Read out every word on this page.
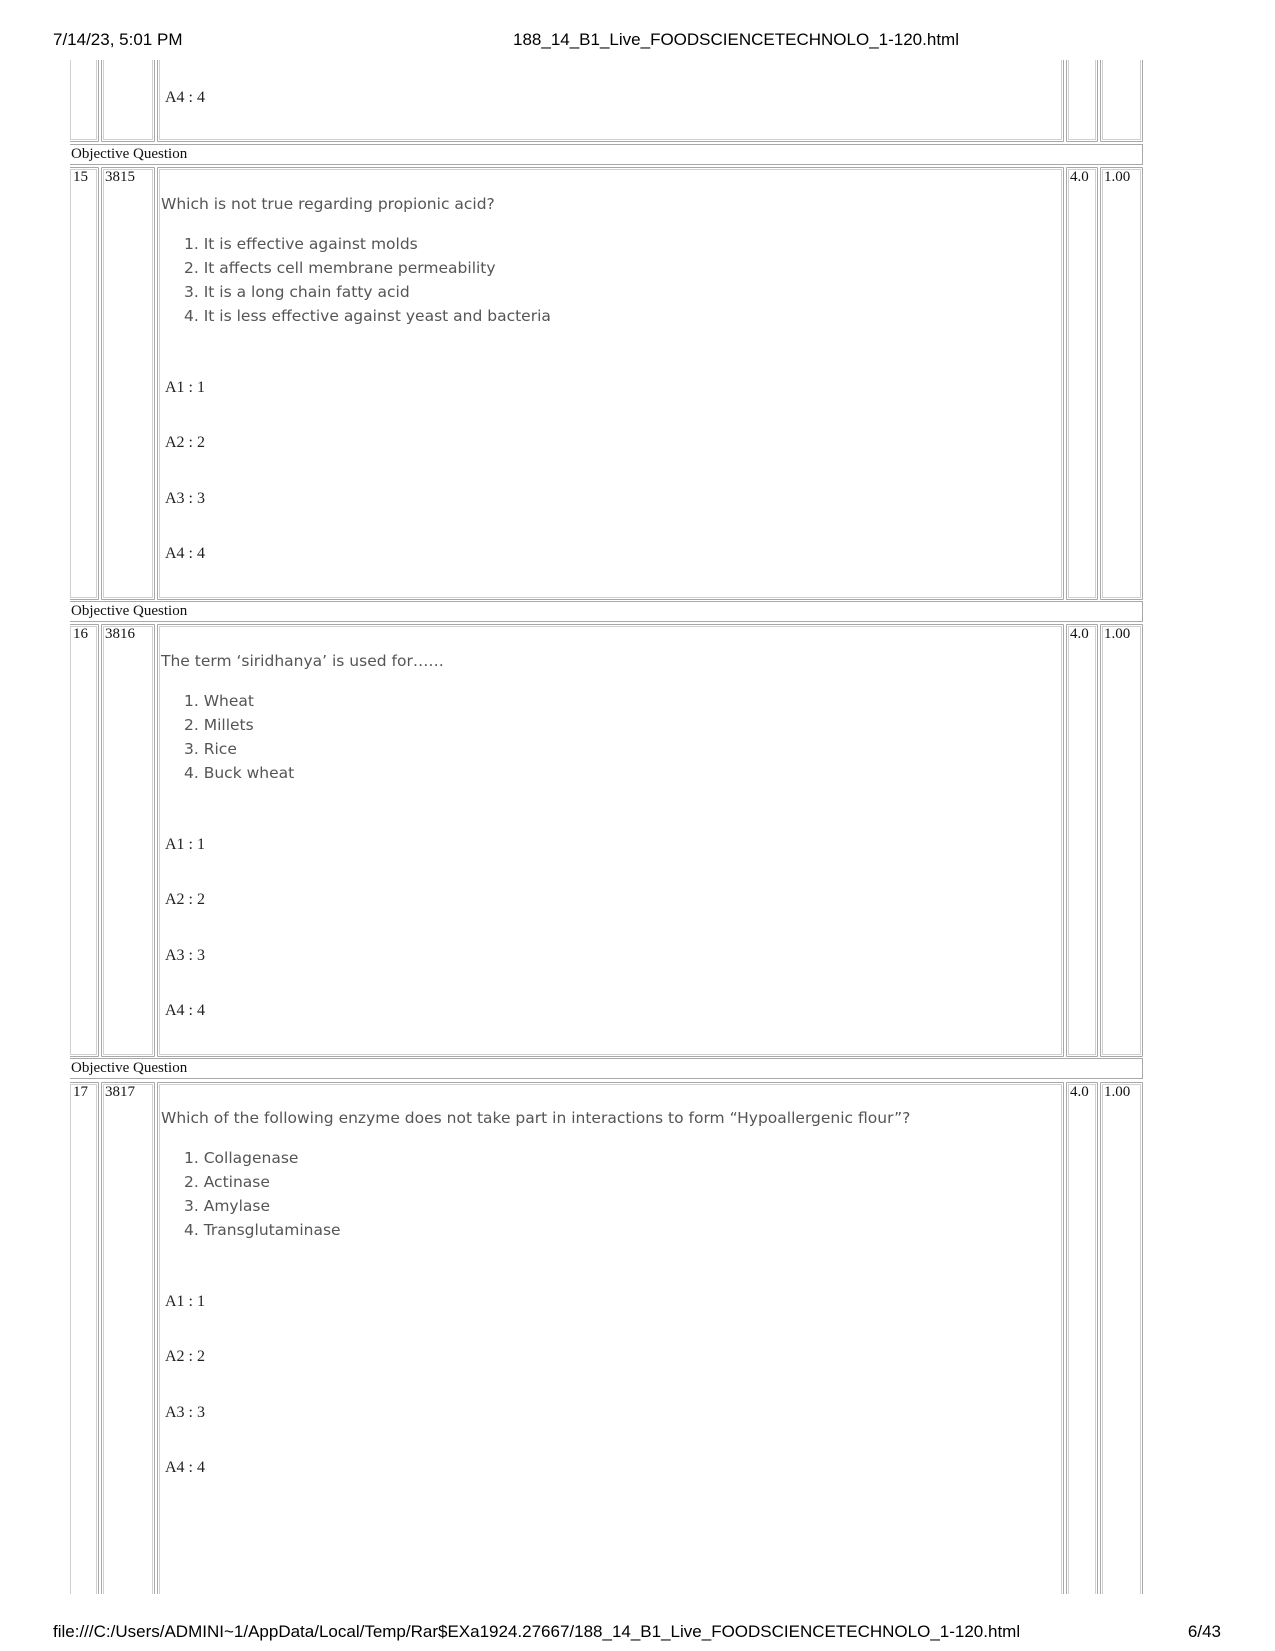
7/14/23, 5:01 PM	188_14_B1_Live_FOODSCIENCETECHNOLO_1-120.html
A4 : 4
Objective Question
15 3815	4.0 1.00
Which is not true regarding propionic acid?
1. It is effective against molds
2. It affects cell membrane permeability
3. It is a long chain fatty acid
4. It is less effective against yeast and bacteria
A1 : 1
A2 : 2
A3 : 3
A4 : 4
Objective Question
16 3816	4.0 1.00
The term ‘siridhanya’ is used for……
1. Wheat
2. Millets
3. Rice
4. Buck wheat
A1 : 1
A2 : 2
A3 : 3
A4 : 4
Objective Question
17 3817	4.0 1.00
Which of the following enzyme does not take part in interactions to form “Hypoallergenic flour”?
1. Collagenase
2. Actinase
3. Amylase
4. Transglutaminase
A1 : 1
A2 : 2
A3 : 3
A4 : 4
file:///C:/Users/ADMINI~1/AppData/Local/Temp/Rar$EXa1924.27667/188_14_B1_Live_FOODSCIENCETECHNOLO_1-120.html	6/43
